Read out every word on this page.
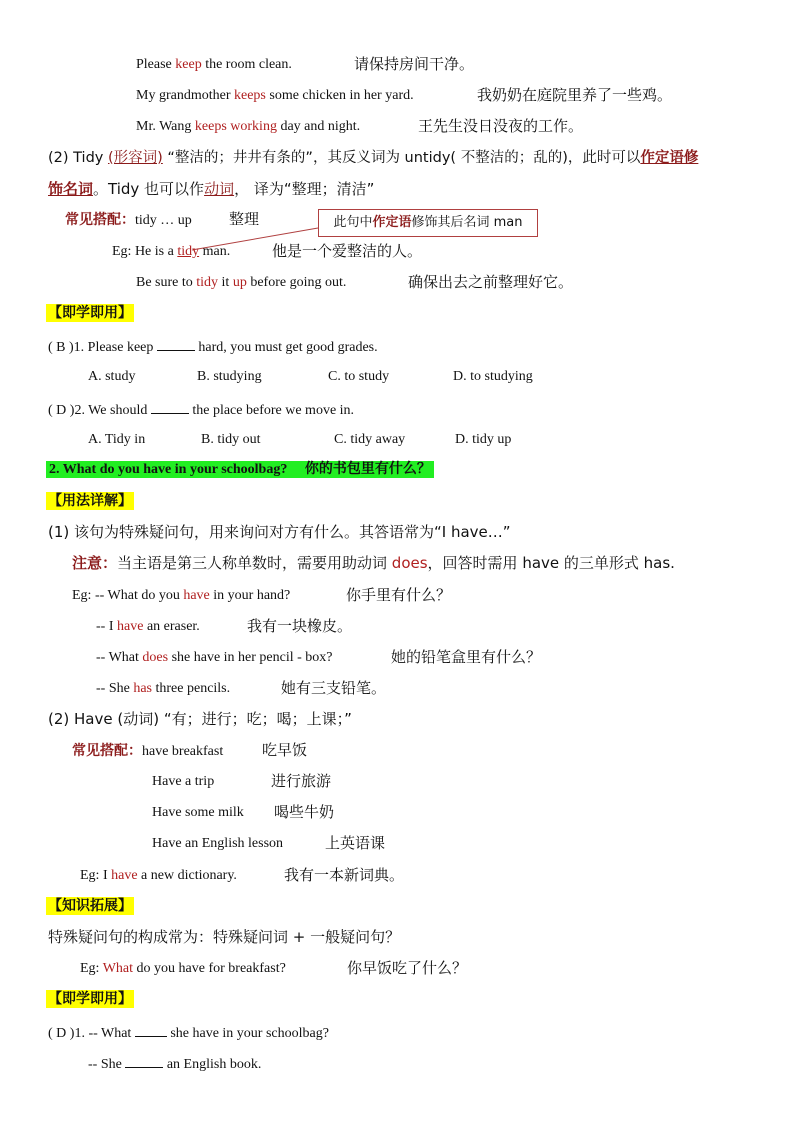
Please keep the room clean.	请保持房间干净。
My grandmother keeps some chicken in her yard.	我奶奶在庭院里养了一些鸡。
Mr. Wang keeps working day and night.	王先生没日没夜的工作。
(2) Tidy (形容词) “整洁的；井井有条的”，其反义词为 untidy( 不整洁的；乱的)，此时可以作定语修
饰名词。Tidy 也可以作动词， 译为“整理；清洁”
常见搭配：tidy … up 整理	此句中作定语修饰其后名词 man
Eg: He is a tidy man.	他是一个爱整洁的人。
Be sure to tidy it up before going out.	确保出去之前整理好它。
【即学即用】
( B )1. Please keep	hard, you must get good grades.
A. study	B. studying	C. to study	D. to studying
( D )2. We should	the place before we move in.
A. Tidy in	B. tidy out	C. tidy away	D. tidy up
2. What do you have in your schoolbag? 你的书包里有什么？
【用法详解】
(1) 该句为特殊疑问句，用来询问对方有什么。其答语常为“I have…”
注意：当主语是第三人称单数时，需要用助动词 does，回答时需用 have 的三单形式 has.
Eg: -- What do you have in your hand?	你手里有什么？
-- I have an eraser.	我有一块橡皮。
-- What does she have in her pencil - box?	她的铅笔盒里有什么？
-- She has three pencils.	她有三支铅笔。
(2) Have (动词) “有；进行；吃；喝；上课；”
常见搭配：have breakfast	吃早饭
Have a trip	进行旅游
Have some milk 喝些牛奶
Have an English lesson	上英语课
Eg: I have a new dictionary.	我有一本新词典。
【知识拓展】
特殊疑问句的构成常为：特殊疑问词 + 一般疑问句？
Eg: What do you have for breakfast?	你早饭吃了什么？
【即学即用】
( D )1. -- What  she have in your schoolbag?
-- She	an English book.
